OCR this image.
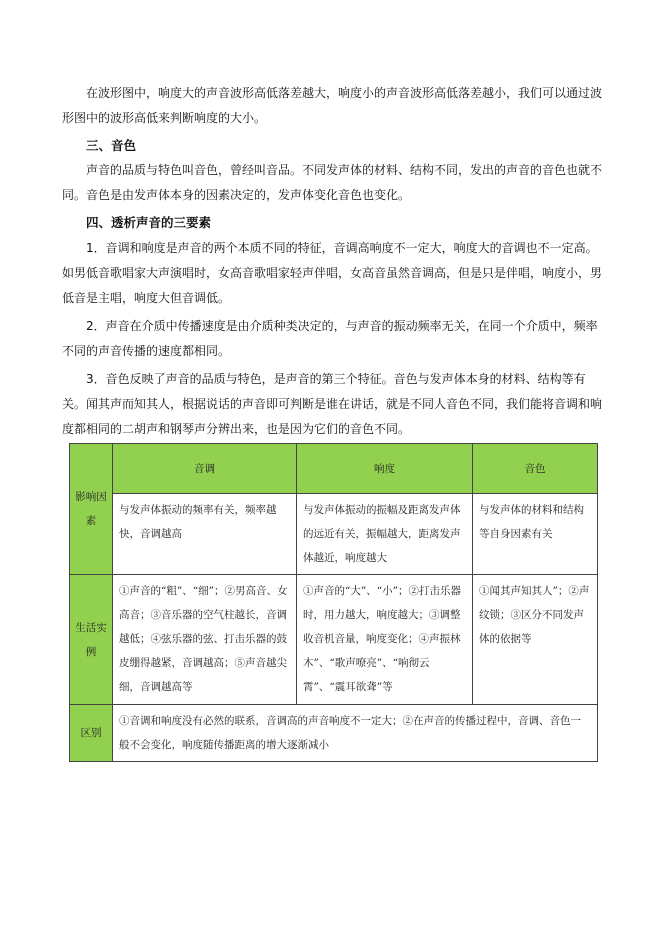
在波形图中，响度大的声音波形高低落差越大，响度小的声音波形高低落差越小，我们可以通过波形图中的波形高低来判断响度的大小。

三、音色

声音的品质与特色叫音色，曾经叫音品。不同发声体的材料、结构不同，发出的声音的音色也就不同。音色是由发声体本身的因素决定的，发声体变化音色也变化。

四、透析声音的三要素

1．音调和响度是声音的两个本质不同的特征，音调高响度不一定大，响度大的音调也不一定高。如男低音歌唱家大声演唱时，女高音歌唱家轻声伴唱，女高音虽然音调高，但是只是伴唱，响度小，男低音是主唱，响度大但音调低。

2．声音在介质中传播速度是由介质种类决定的，与声音的振动频率无关，在同一个介质中，频率不同的声音传播的速度都相同。

3．音色反映了声音的品质与特色，是声音的第三个特征。音色与发声体本身的材料、结构等有关。闻其声而知其人，根据说话的声音即可判断是谁在讲话，就是不同人音色不同，我们能将音调和响度都相同的二胡声和钢琴声分辨出来，也是因为它们的音色不同。

影响因素	音调	响度	音色
	与发声体振动的频率有关，频率越快，音调越高	与发声体振动的振幅及距离发声体的远近有关，振幅越大，距离发声体越近，响度越大	与发声体的材料和结构等自身因素有关
生活实例	①声音的“粗”、“细”；②男高音、女高音；③音乐器的空气柱越长，音调越低；④弦乐器的弦、打击乐器的鼓皮绷得越紧，音调越高；⑤声音越尖细，音调越高等	①声音的“大”、“小”；②打击乐器时，用力越大，响度越大；③调整收音机音量，响度变化；④声振林木”、“歌声嘹亮”、“响彻云霄”、“震耳欲聋”等	①闻其声知其人”；②声纹锁；③区分不同发声体的依据等
区别	①音调和响度没有必然的联系，音调高的声音响度不一定大；②在声音的传播过程中，音调、音色一般不会变化，响度随传播距离的增大逐渐减小		
